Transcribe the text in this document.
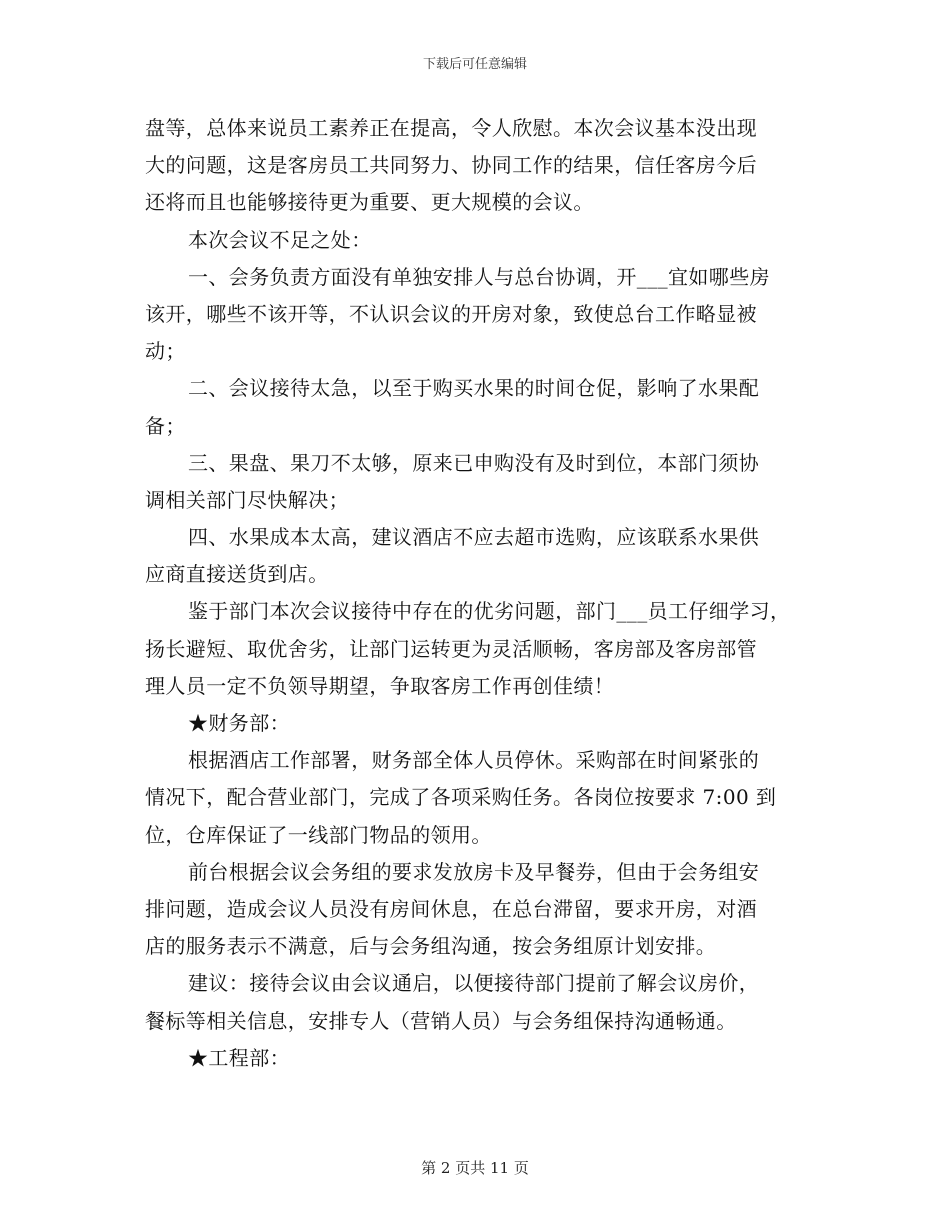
下载后可任意编辑
盘等，总体来说员工素养正在提高，令人欣慰。本次会议基本没出现
大的问题，这是客房员工共同努力、协同工作的结果，信任客房今后
还将而且也能够接待更为重要、更大规模的会议。
本次会议不足之处：
一、会务负责方面没有单独安排人与总台协调，开___宜如哪些房
该开，哪些不该开等，不认识会议的开房对象，致使总台工作略显被
动；
二、会议接待太急，以至于购买水果的时间仓促，影响了水果配
备；
三、果盘、果刀不太够，原来已申购没有及时到位，本部门须协
调相关部门尽快解决；
四、水果成本太高，建议酒店不应去超市选购，应该联系水果供
应商直接送货到店。
鉴于部门本次会议接待中存在的优劣问题，部门___员工仔细学习，
扬长避短、取优舍劣，让部门运转更为灵活顺畅，客房部及客房部管
理人员一定不负领导期望，争取客房工作再创佳绩！
★财务部：
根据酒店工作部署，财务部全体人员停休。采购部在时间紧张的
情况下，配合营业部门，完成了各项采购任务。各岗位按要求 7:00 到
位，仓库保证了一线部门物品的领用。
前台根据会议会务组的要求发放房卡及早餐券，但由于会务组安
排问题，造成会议人员没有房间休息，在总台滞留，要求开房，对酒
店的服务表示不满意，后与会务组沟通，按会务组原计划安排。
建议：接待会议由会议通启，以便接待部门提前了解会议房价，
餐标等相关信息，安排专人（营销人员）与会务组保持沟通畅通。
★工程部：
第 2 页共 11 页
